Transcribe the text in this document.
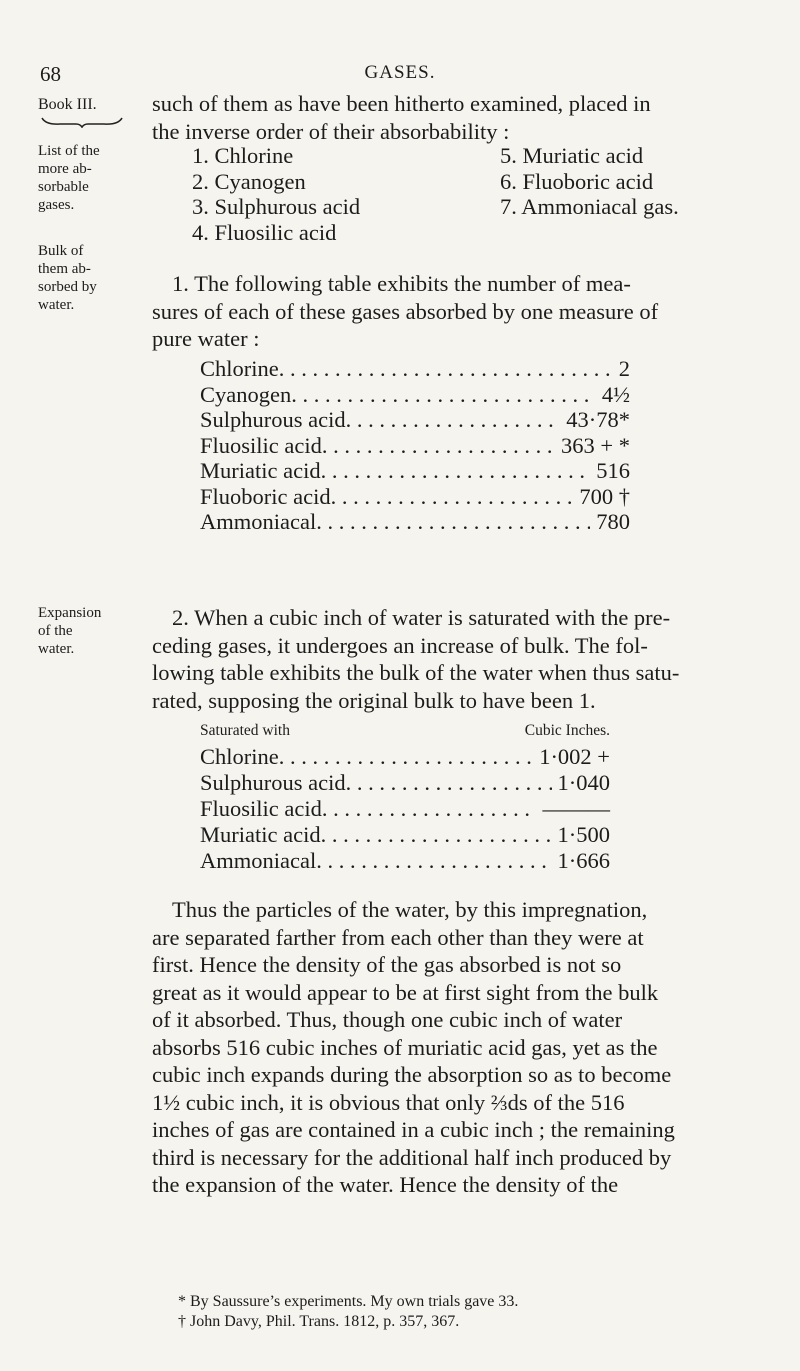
GASES.
68
Book III.
List of the
more ab-
sorbable
gases.
Bulk of
them ab-
sorbed by
water.
Expansion
of the
water.

such of them as have been hitherto examined, placed in

the inverse order of their absorbability :

1. Chlorine
2. Cyanogen
3. Sulphurous acid
4. Fluosilic acid
5. Muriatic acid
6. Fluoboric acid
7. Ammoniacal gas.

1. The following table exhibits the number of mea-

sures of each of these gases absorbed by one measure of

pure water :

Chlorine . . .	2
Cyanogen . . .	4½
Sulphurous acid . . .	43·78*
Fluosilic acid . . .	363 + *
Muriatic acid . . .	516
Fluoboric acid . . .	700 †
Ammoniacal . . .	780

2. When a cubic inch of water is saturated with the pre-

ceding gases, it undergoes an increase of bulk. The fol-

lowing table exhibits the bulk of the water when thus satu-

rated, supposing the original bulk to have been 1.

Saturated with	Cubic Inches.
Chlorine . . .	1·002 +
Sulphurous acid . . .	1·040
Fluosilic acid . . .	———
Muriatic acid . . .	1·500
Ammoniacal . . .	1·666

Thus the particles of the water, by this impregnation,

are separated farther from each other than they were at

first. Hence the density of the gas absorbed is not so

great as it would appear to be at first sight from the bulk

of it absorbed. Thus, though one cubic inch of water

absorbs 516 cubic inches of muriatic acid gas, yet as the

cubic inch expands during the absorption so as to become

1½ cubic inch, it is obvious that only ⅔ds of the 516

inches of gas are contained in a cubic inch ; the remaining

third is necessary for the additional half inch produced by

the expansion of the water. Hence the density of the

* By Saussure’s experiments. My own trials gave 33.

† John Davy, Phil. Trans. 1812, p. 357, 367.
